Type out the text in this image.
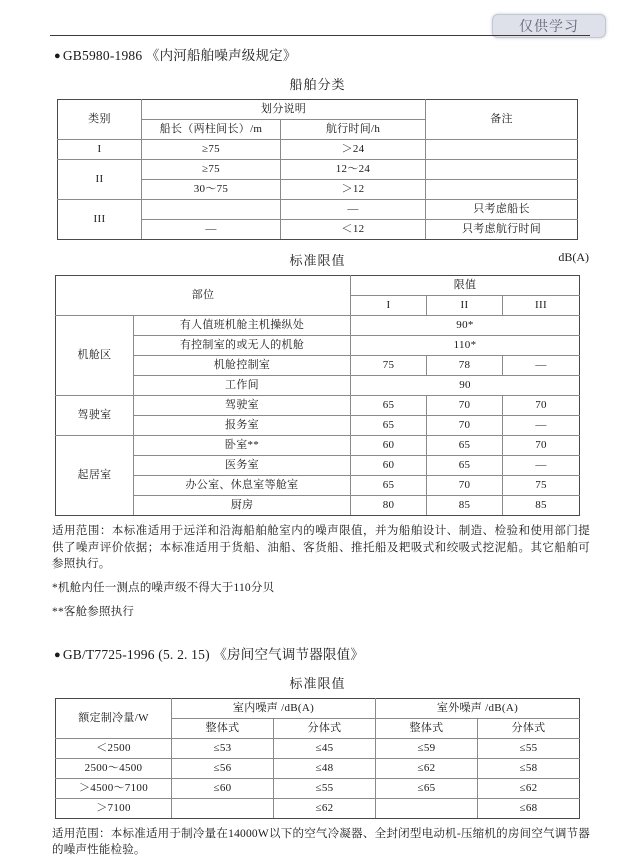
仅供学习
● GB5980-1986 《内河船舶噪声级规定》
船舶分类
类别	划分说明		备注
	船长（两柱间长）/m	航行时间/h	
I	≥75	＞24	
II	≥75	12～24	
	30～75	＞12	
III		—	只考虑船长
	—	＜12	只考虑航行时间
标准限值	dB(A)
部位		限值		
		I	II	III
机舱区	有人值班机舱主机操纵处	90*		
	有控制室的或无人的机舱	110*		
	机舱控制室	75	78	—
	工作间	90		
驾驶室	驾驶室	65	70	70
	报务室	65	70	—
起居室	卧室**	60	65	70
	医务室	60	65	—
	办公室、休息室等舱室	65	70	75
	厨房	80	85	85
适用范围：本标准适用于远洋和沿海船舶舱室内的噪声限值，并为船舶设计、制造、检验和使用部门提供了噪声评价依据；本标准适用于货船、油船、客货船、推托船及耙吸式和绞吸式挖泥船。其它船舶可参照执行。
*机舱内任一测点的噪声级不得大于110分贝
**客舱参照执行
● GB/T7725-1996 (5. 2. 15) 《房间空气调节器限值》
标准限值
额定制冷量/W	室内噪声 /dB(A)		室外噪声 /dB(A)	
	整体式	分体式	整体式	分体式
＜2500	≤53	≤45	≤59	≤55
2500～4500	≤56	≤48	≤62	≤58
＞4500～7100	≤60	≤55	≤65	≤62
＞7100		≤62		≤68
适用范围：本标准适用于制冷量在14000W以下的空气冷凝器、全封闭型电动机-压缩机的房间空气调节器的噪声性能检验。
